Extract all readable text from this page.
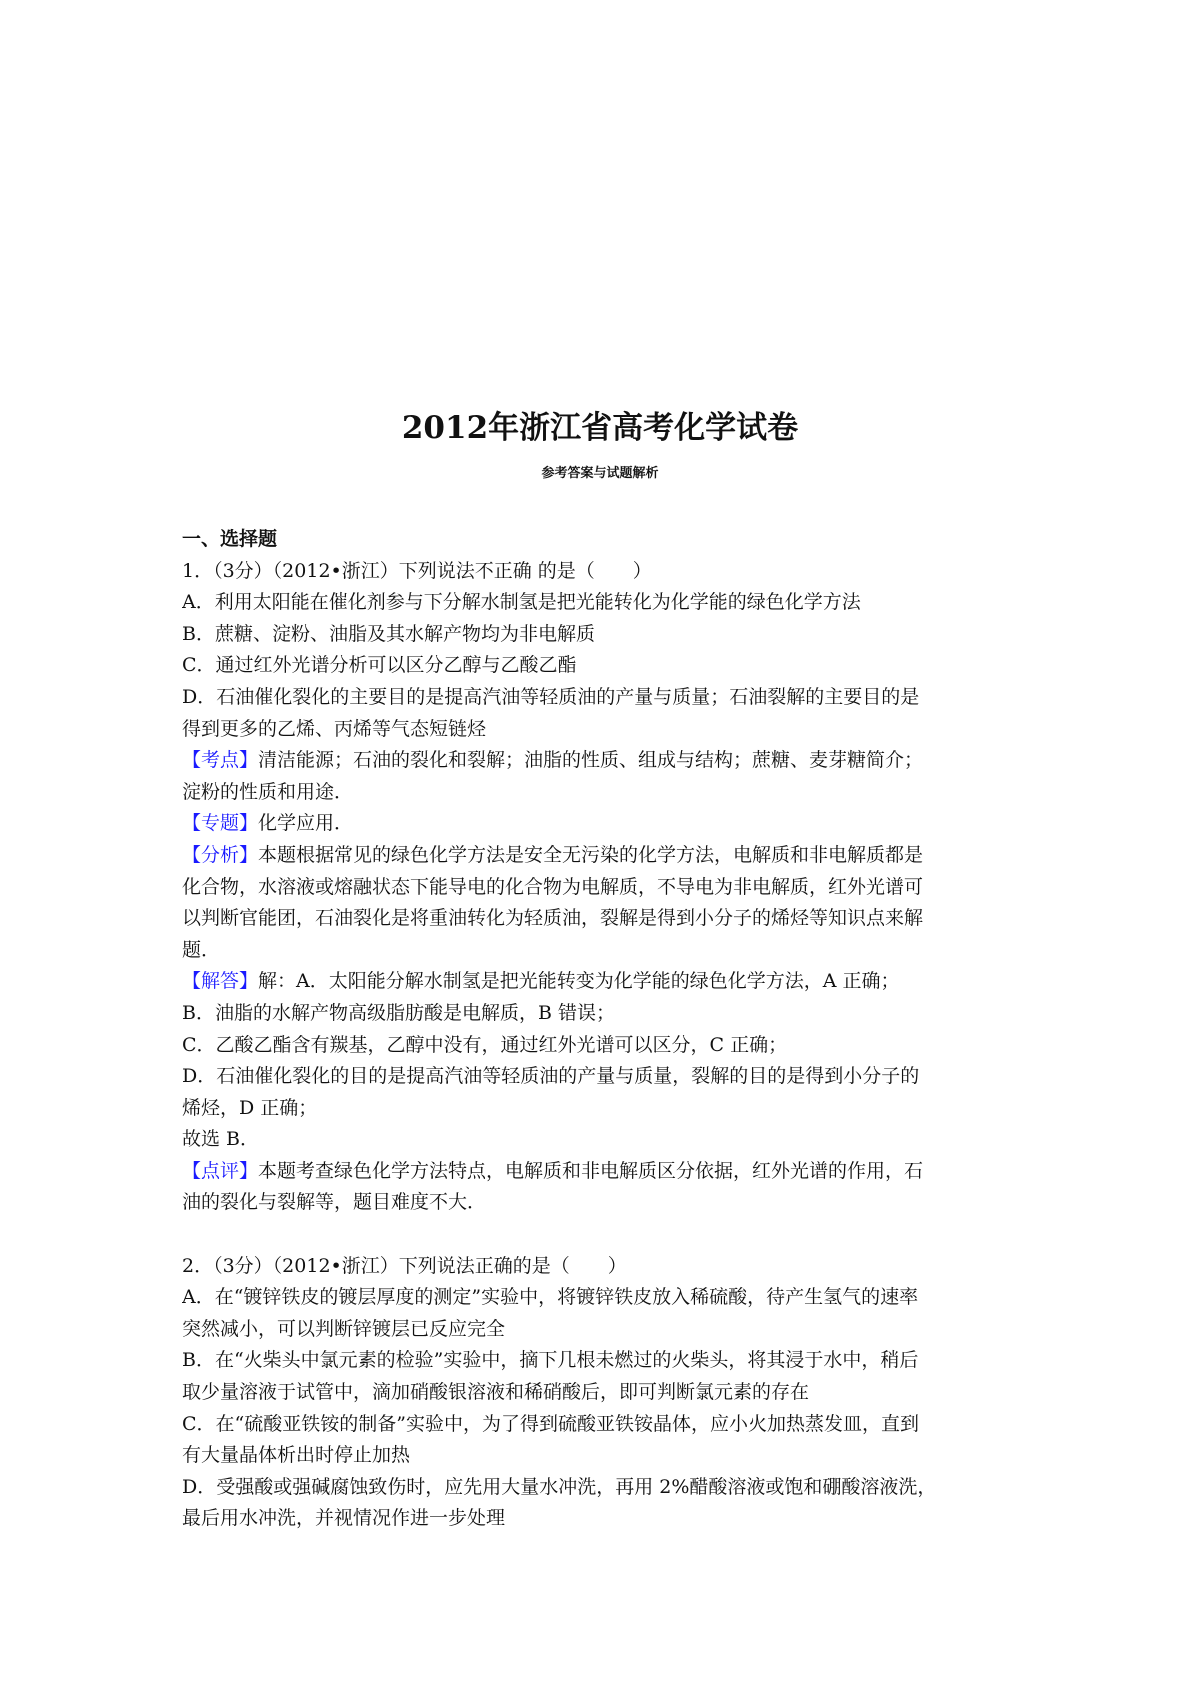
2012年浙江省高考化学试卷
参考答案与试题解析
一、选择题
1．（3分）（2012•浙江）下列说法不正确 的是（　　）
A．利用太阳能在催化剂参与下分解水制氢是把光能转化为化学能的绿色化学方法
B．蔗糖、淀粉、油脂及其水解产物均为非电解质
C．通过红外光谱分析可以区分乙醇与乙酸乙酯
D．石油催化裂化的主要目的是提高汽油等轻质油的产量与质量；石油裂解的主要目的是
得到更多的乙烯、丙烯等气态短链烃
【考点】清洁能源；石油的裂化和裂解；油脂的性质、组成与结构；蔗糖、麦芽糖简介；
淀粉的性质和用途．
【专题】化学应用．
【分析】本题根据常见的绿色化学方法是安全无污染的化学方法，电解质和非电解质都是
化合物，水溶液或熔融状态下能导电的化合物为电解质，不导电为非电解质，红外光谱可
以判断官能团，石油裂化是将重油转化为轻质油，裂解是得到小分子的烯烃等知识点来解
题．
【解答】解：A．太阳能分解水制氢是把光能转变为化学能的绿色化学方法，A 正确；
B．油脂的水解产物高级脂肪酸是电解质，B 错误；
C．乙酸乙酯含有羰基，乙醇中没有，通过红外光谱可以区分，C 正确；
D．石油催化裂化的目的是提高汽油等轻质油的产量与质量，裂解的目的是得到小分子的
烯烃，D 正确；
故选 B．
【点评】本题考查绿色化学方法特点，电解质和非电解质区分依据，红外光谱的作用，石
油的裂化与裂解等，题目难度不大．
2．（3分）（2012•浙江）下列说法正确的是（　　）
A．在“镀锌铁皮的镀层厚度的测定”实验中，将镀锌铁皮放入稀硫酸，待产生氢气的速率
突然减小，可以判断锌镀层已反应完全
B．在“火柴头中氯元素的检验”实验中，摘下几根未燃过的火柴头，将其浸于水中，稍后
取少量溶液于试管中，滴加硝酸银溶液和稀硝酸后，即可判断氯元素的存在
C．在“硫酸亚铁铵的制备”实验中，为了得到硫酸亚铁铵晶体，应小火加热蒸发皿，直到
有大量晶体析出时停止加热
D．受强酸或强碱腐蚀致伤时，应先用大量水冲洗，再用 2%醋酸溶液或饱和硼酸溶液洗，
最后用水冲洗，并视情况作进一步处理
